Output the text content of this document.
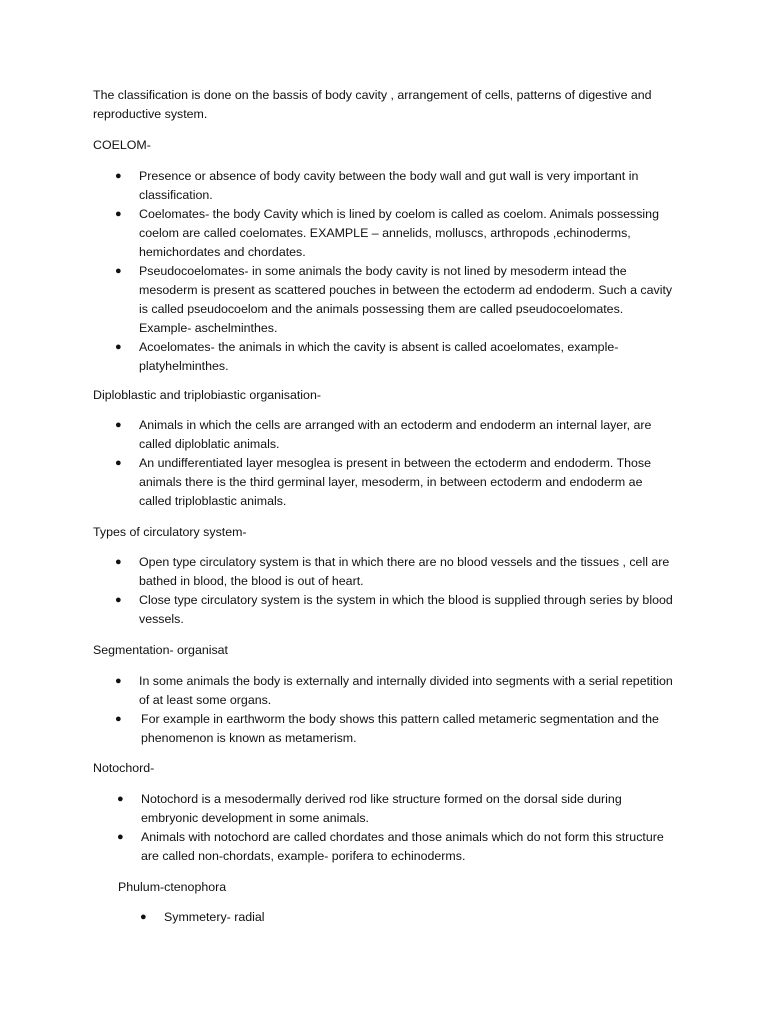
The classification is done on the bassis of body cavity , arrangement of cells, patterns of digestive and reproductive system.

COELOM-

● Presence or absence of body cavity between the body wall and gut wall is very important in classification.
● Coelomates- the body Cavity which is lined by coelom is called as coelom. Animals possessing coelom are called coelomates. EXAMPLE – annelids, molluscs, arthropods ,echinoderms, hemichordates and chordates.
● Pseudocoelomates- in some animals the body cavity is not lined by mesoderm intead the mesoderm is present as scattered pouches in between the ectoderm ad endoderm. Such a cavity is called pseudocoelom and the animals possessing them are called pseudocoelomates. Example- aschelminthes.
● Acoelomates- the animals in which the cavity is absent is called acoelomates, example-platyhelminthes.

Diploblastic and triplobiastic organisation-

● Animals in which the cells are arranged with an ectoderm and endoderm an internal layer, are called diploblatic animals.
● An undifferentiated layer mesoglea is present in between the ectoderm and endoderm. Those animals there is the third germinal layer, mesoderm, in between ectoderm and endoderm ae called triploblastic animals.

Types of circulatory system-

● Open type circulatory system is that in which there are no blood vessels and the tissues , cell are bathed in blood, the blood is out of heart.
● Close type circulatory system is the system in which the blood is supplied through series by blood vessels.

Segmentation- organisat

● In some animals the body is externally and internally divided into segments with a serial repetition of at least some organs.
● For example in earthworm the body shows this pattern called metameric segmentation and the phenomenon is known as metamerism.

Notochord-

● Notochord is a mesodermally derived rod like structure formed on the dorsal side during embryonic development in some animals.
● Animals with notochord are called chordates and those animals which do not form this structure are called non-chordats, example- porifera to echinoderms.

Phulum-ctenophora

● Symmetery- radial
